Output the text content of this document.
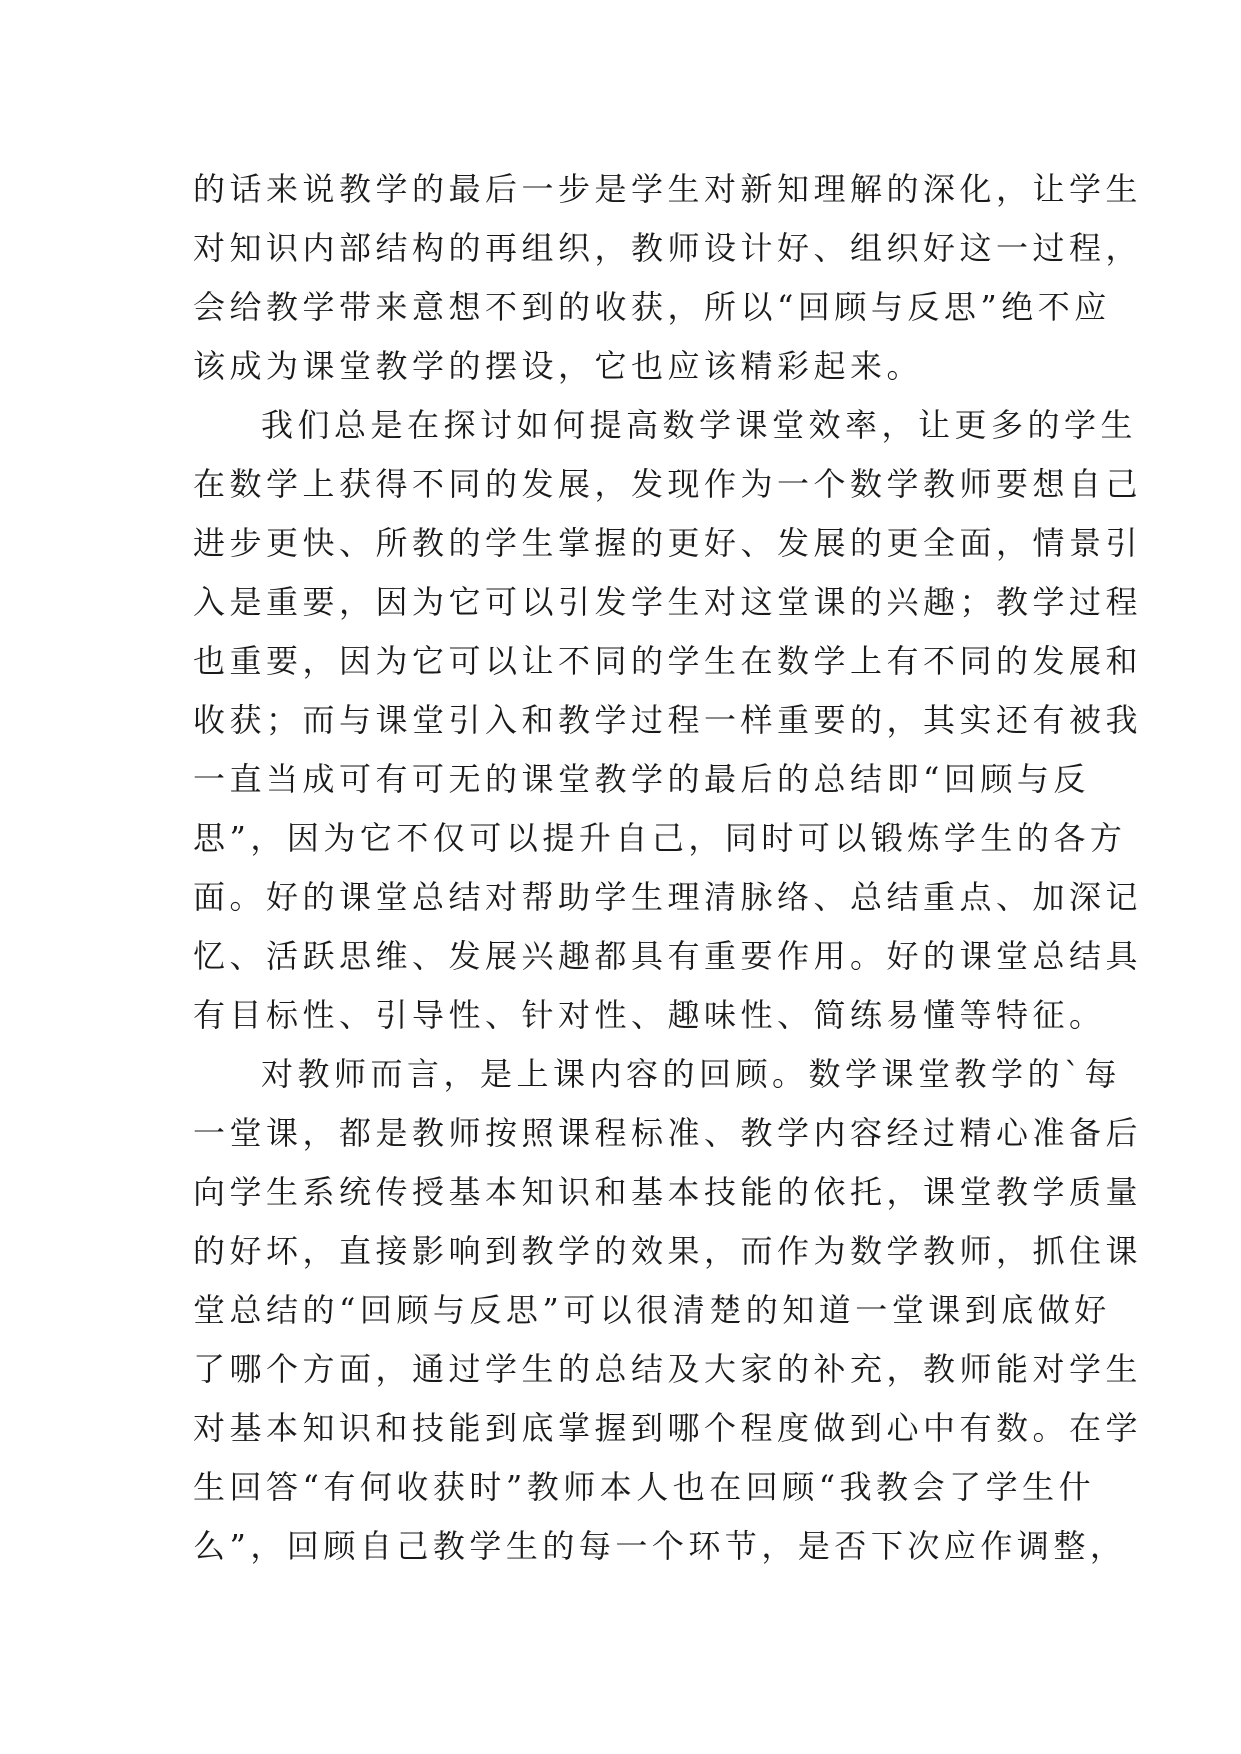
的话来说教学的最后一步是学生对新知理解的深化，让学生
对知识内部结构的再组织，教师设计好、组织好这一过程，
会给教学带来意想不到的收获，所以“回顾与反思”绝不应
该成为课堂教学的摆设，它也应该精彩起来。
我们总是在探讨如何提高数学课堂效率，让更多的学生
在数学上获得不同的发展，发现作为一个数学教师要想自己
进步更快、所教的学生掌握的更好、发展的更全面，情景引
入是重要，因为它可以引发学生对这堂课的兴趣；教学过程
也重要，因为它可以让不同的学生在数学上有不同的发展和
收获；而与课堂引入和教学过程一样重要的，其实还有被我
一直当成可有可无的课堂教学的最后的总结即“回顾与反
思”，因为它不仅可以提升自己，同时可以锻炼学生的各方
面。好的课堂总结对帮助学生理清脉络、总结重点、加深记
忆、活跃思维、发展兴趣都具有重要作用。好的课堂总结具
有目标性、引导性、针对性、趣味性、简练易懂等特征。
对教师而言，是上课内容的回顾。数学课堂教学的`每
一堂课，都是教师按照课程标准、教学内容经过精心准备后
向学生系统传授基本知识和基本技能的依托，课堂教学质量
的好坏，直接影响到教学的效果，而作为数学教师，抓住课
堂总结的“回顾与反思”可以很清楚的知道一堂课到底做好
了哪个方面，通过学生的总结及大家的补充，教师能对学生
对基本知识和技能到底掌握到哪个程度做到心中有数。在学
生回答“有何收获时”教师本人也在回顾“我教会了学生什
么”，回顾自己教学生的每一个环节，是否下次应作调整，
